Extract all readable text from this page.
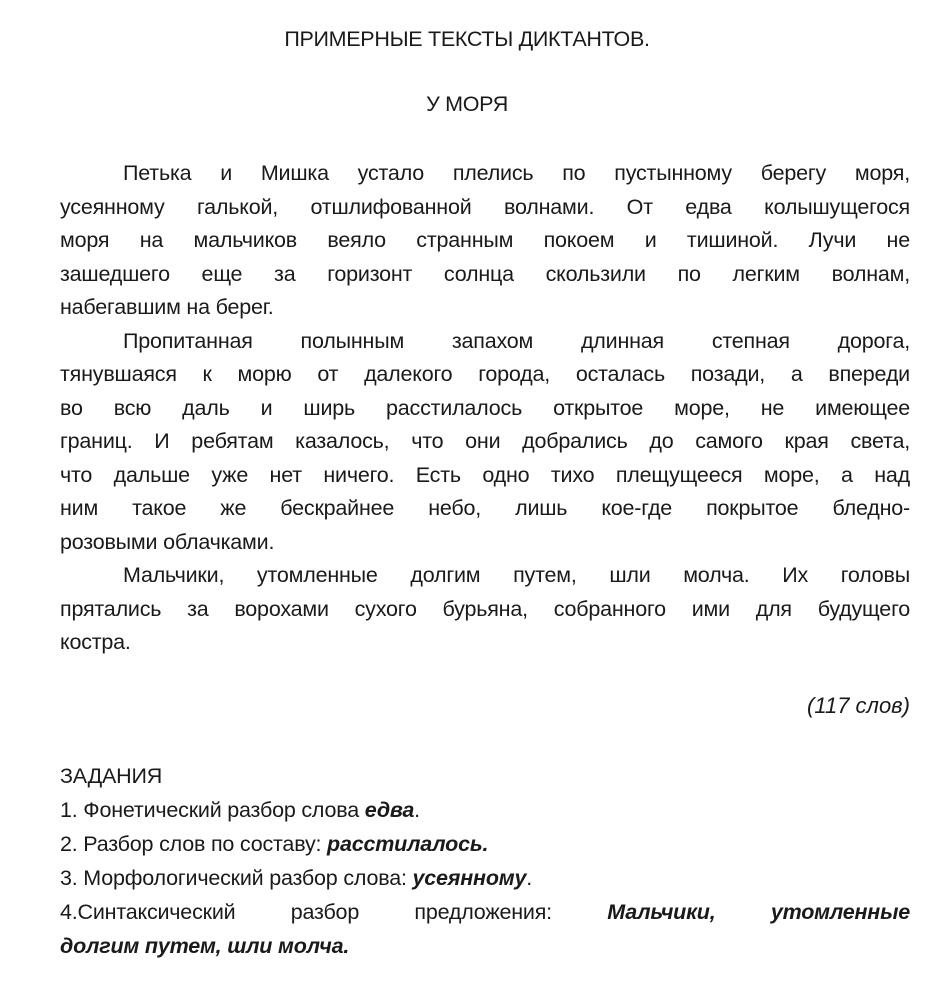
ПРИМЕРНЫЕ ТЕКСТЫ ДИКТАНТОВ.
У МОРЯ
Петька и Мишка устало плелись по пустынному берегу моря,
усеянному галькой, отшлифованной волнами. От едва колышущегося
моря на мальчиков веяло странным покоем и тишиной. Лучи не
зашедшего еще за горизонт солнца скользили по легким волнам,
набегавшим на берег.
Пропитанная полынным запахом длинная степная дорога,
тянувшаяся к морю от далекого города, осталась позади, а впереди
во всю даль и ширь расстилалось открытое море, не имеющее
границ. И ребятам казалось, что они добрались до самого края света,
что дальше уже нет ничего. Есть одно тихо плещущееся море, а над
ним такое же бескрайнее небо, лишь кое-где покрытое бледно-
розовыми облачками.
Мальчики, утомленные долгим путем, шли молча. Их головы
прятались за ворохами сухого бурьяна, собранного ими для будущего
костра.
(117 слов)
ЗАДАНИЯ
1. Фонетический разбор слова едва.
2. Разбор слов по составу: расстилалось.
3. Морфологический разбор слова: усеянному.
4.Синтаксический разбор предложения: Мальчики, утомленные
долгим путем, шли молча.
